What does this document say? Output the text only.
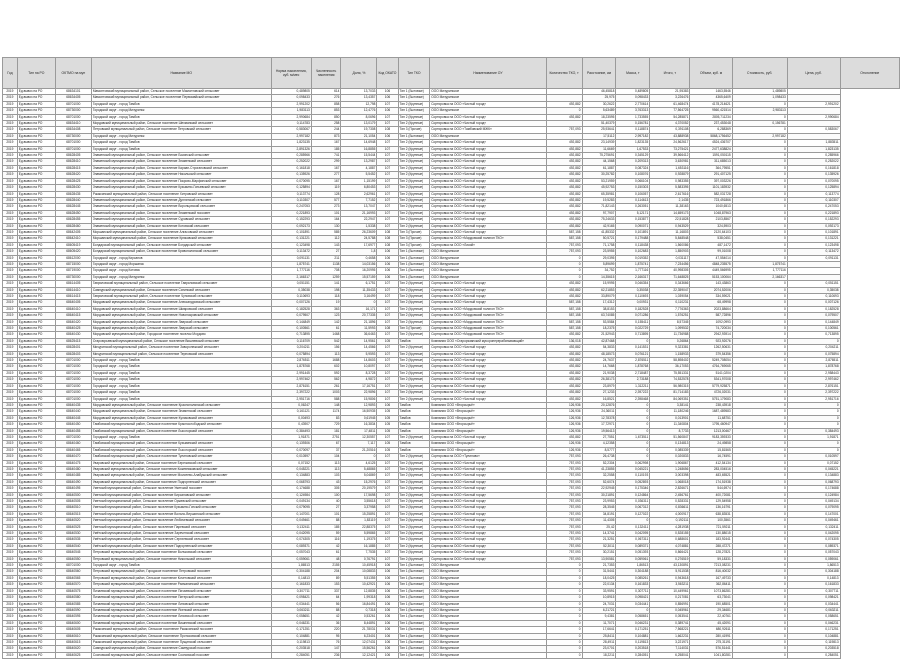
Год	Тип на РО	ОКТМО на мун	Название МО	Норма накопления, куб. м/мес	Численность населения	Доля, %	Код ОКАТО	Тип ТКО	Наименование ОУ	Количество ТКО, т	Расстояние, км	Масса, т	Итого, т	Объем, куб. м	Стоимость, руб.	Цена, руб.	Отклонение
2019	Ед.вывоз на РО	68634101	Мамонтовский муниципальный район, Сельское поселение Мамонтовский сельсовет	0,489805	614	13,7033	106	Тип 1 (Бытовые)	ООО Мичуринское		46,45818	0,489805	21,95383	1463,5546	1,489805		
2019	Ед.вывоз на РО	68634405	Мамонтовский муниципальный район, Сельское поселение Первомайский сельсовет	0,098433	276	13,4357	106	Тип 1 (Бытовые)	ООО Мичуринское		25,975	0,098433	3,226476	4365,6409	1,098433		
2019	Ед.вывоз на РО	68701000	Городской округ - город Тамбов	2,991202	858	12,798	107	Тип 2 (Крупные)	Сортировка на ООО «Чистый город»	492,882	30,2622	2,770614	61,468474	4178,214621	0	2,991202	
2019	Ед.вывоз на РО	68730000	Городской округ - город Мичуринск	1,983113	853	12,4776	106	Тип 1 (Бытовые)	ООО Мичуринское	0	5,63489	3,763313	77,564725	9560,421514	2,983113		
2019	Ед.вывоз на РО	68701000	Городской округ - город Тамбов	2,990684	850	8,0696	107	Тип 2 (Крупные)	Сортировка на ООО «Чистый город»	492,882	18,23595	1,733555	54,285871	2805,711234	0	2,990684	
2019	Ед.вывоз на РО	68634410	Мордовский муниципальный район, Сельское поселение Шехманский сельсовет	0,114783	258	13,0179	107	Тип 2 (Крупные)	Сортировка на ООО «Чистый город»		51,40379	0,156781	4,370052	237,453048	0,156781		
2019	Ед.вывоз на РО	68634408	Петровский муниципальный район, Сельское поселение Петровский сельсовет	0,583067	244	19,7308	108	Тип 3 (Прочие)	Сортировка на ООО «Тамбовский МЖК»	757,093	25,93641	0,118874	0,391108	6,288369	0	0,583067	
2019	Ед.вывоз на РО	68730000	Городской округ - город Мичуринск	2,997182	873	21,1054	106	Тип 1 (Бытовые)	ООО Мичуринское		17,5112	2,997182	43,888938	5868,1756452	2,997182		
2019	Ед.вывоз на РО	68701000	Городской округ - город Тамбов	1,823135	167	14,6948	107	Тип 2 (Крупные)	Сортировка на ООО «Чистый город»	492,882	23,14939	1,823135	24,562617	4524,436707	0	1,883511	
2019	Ед.вывоз на РО	68701000	Городской округ - город Тамбов	2,891326	185	16,8855	107	Тип 2 (Крупные)	Сортировка на ООО «Чистый город»	492,882	11,6669	1,67533	73,275421	2477,638824	0	1,823135	
2019	Ед.вывоз на РО	68628405	Знаменский муниципальный район, Сельское поселение Бокинский сельсовет	0,285966	741	15,5444	107	Тип 2 (Крупные)	Сортировка на ООО «Чистый город»	492,882	75,275691	0,345129	39,566412	1591,050115	0	0,285966	
2019	Ед.вывоз на РО	68628410	Знаменский муниципальный район, Сельское поселение Знаменский сельсовет	0,252022	299	13,2987	107	Тип 2 (Крупные)	Сортировка на ООО «Чистый город»	492,882	44,1568	0,209313	3,630981	311,685013	0	0,252022	
2019	Ед.вывоз на РО	68628415	Знаменский муниципальный район, Сельское поселение Кариан-Строгановский сельсовет	0,161818	167	4,1887	107	Тип 2 (Крупные)	Сортировка на ООО «Чистый город»	492,882	61,1887	0,087324	1,653116	364,79551	0	0,161818	
2019	Ед.вывоз на РО	68628420	Знаменский муниципальный район, Сельское поселение Никольский сельсовет	0,135926	277	5,5452	107	Тип 2 (Крупные)	Сортировка на ООО «Чистый город»	492,882	30,25782	0,108076	0,928879	291,407125	0	0,135926	
2019	Ед.вывоз на РО	68628425	Знаменский муниципальный район, Сельское поселение Покрово-Марфинский сельсовет	0,070095	167	1,15199	107	Тип 2 (Крупные)	Сортировка на ООО «Чистый город»	492,882	53,21959	0,066104	0,983355	397,003226	0	0,070095	
2019	Ед.вывоз на РО	68628430	Знаменский муниципальный район, Сельское поселение Кузьмино-Гатьевский сельсовет	0,125894	119	6,80453	107	Тип 2 (Крупные)	Сортировка на ООО «Чистый город»	492,882	45,92753	0,150303	5,583395	1101,183932	0	0,125894	
2019	Ед.вывоз на РО	68628435	Ржаксинский муниципальный район, Сельское поселение Хитровский сельсовет	0,113774	128	2,62961	107	Тип 2 (Крупные)	Сортировка на ООО «Чистый город»	492,882	65,35981	0,106057	2,617616	582,031728	0	0,113774	
2019	Ед.вывоз на РО	68628440	Знаменский муниципальный район, Сельское поселение Дуплятский сельсовет	0,110307	577	7,7152	107	Тип 2 (Крупные)	Сортировка на ООО «Чистый город»	492,882	19,5283	0,114613	2,1435	723,491866	0	0,110307	
2019	Ед.вывоз на РО	68628445	Знаменский муниципальный район, Сельское поселение Воронцовский сельсовет	0,247053	273	13,7047	107	Тип 2 (Крупные)	Сортировка на ООО «Чистый город»	492,882	71,82143	0,263051	11,38163	1040,6513	0	0,247053	
2019	Ед.вывоз на РО	68628450	Знаменский муниципальный район, Сельское поселение Знаменский поссовет	0,221893	101	21,16993	107	Тип 2 (Крупные)	Сортировка на ООО «Чистый город»	492,882	97,7907	5,12171	14,659173	1048,87963	0	0,221893	
2019	Ед.вывоз на РО	68628455	Знаменский муниципальный район, Сельское поселение Суравский сельсовет	0,152293	164	22,2947	107	Тип 2 (Крупные)	Сортировка на ООО «Чистый город»	492,882	75,24633	0,153877	22,51828	2103,8567	0	0,152293	
2019	Ед.вывоз на РО	68628460	Знаменский муниципальный район, Сельское поселение Котовский сельсовет	0,092173	130	1,5338	107	Тип 2 (Крупные)	Сортировка на ООО «Чистый город»	492,882	42,9165	0,090071	0,943529	324,5903	0	0,092173	
2019	Ед.вывоз на РО	68642405	Моршанский муниципальный район, Сельское поселение Алгасовский сельсовет	0,101891	585	26,23609	108	Тип 3 (Прочие)	Сортировка на ООО «Чистый город»	587,158	41,85332	0,101891	11,16803	2120,64103	0	0,101891	
2019	Ед.вывоз на РО	68642410	Моршанский муниципальный район, Сельское поселение Крюковский сельсовет	0,131221	112	24,5788	108	Тип 3 (Прочие)	Сортировка на ООО «Мордовский полигон ТКО»	587,158	50,5721	0,179488	5,848548	538,0451	0	0,131221	
2019	Ед.вывоз на РО	68605419	Бондарский муниципальный район, Сельское поселение Бондарский сельсовет	0,123498	143	17,6977	108	Тип 3 (Прочие)	Сортировка на ООО «Лисий»	757,093	71,1758	0,118438	1,560086	487,1472	0	0,123498	
2019	Ед.вывоз на РО	68605420	Бондарский муниципальный район, Сельское поселение Кривополянский сельсовет	0,113472	27	1,8	106	Тип 1 (Бытовые)	ООО Мичуринское	757,093	23,5955	0,102683	1,850903	99,01008	0	0,113472	
2019	Ед.вывоз на РО	68612000	Городской округ - город Кирсанов	0,091131	211	0,4658	106	Тип 1 (Бытовые)	ООО Мичуринское	0	29,0395	0,019352	0,031117	47,554014	0	0,091131	
2019	Ед.вывоз на РО	68715000	Городской округ - город Моршанск	1,875741	1138	14,03156	106	Тип 1 (Бытовые)	ООО Мичуринское	0	5,89699	1,875741	7,234456	4848,235575	1,875741		
2019	Ед.вывоз на РО	68719000	Городской округ - город Котовск	1,777116	708	16,20995	106	Тип 1 (Бытовые)	ООО Мичуринское	0	34,752	1,777116	40,998305	4449,566995	1,777116		
2019	Ед.вывоз на РО	68730000	Городской округ - город Мичуринск	2,166317	1259	15,57159	106	Тип 1 (Бытовые)	ООО Мичуринское	0	14,35615	2,166317	71,648825	5153,100064	2,166317		
2019	Ед.вывоз на РО	68614405	Гавриловский муниципальный район, Сельское поселение Гавриловский сельсовет	0,051151	141	6,1751	107	Тип 2 (Крупные)	Сортировка на ООО «Чистый город»	492,882	15,9995	0,046354	0,343666	143,43863	0	0,051151	
2019	Ед.вывоз на РО	68614410	Сампурский муниципальный район, Сельское поселение Сатинский сельсовет	0,35038	198	11,35433	107	Тип 2 (Крупные)	Сортировка на ООО «Чистый город»	492,882	62,21853	0,35038	22,359047	2074,52006	0	0,35038	
2019	Ед.вывоз на РО	68614415	Гавриловский муниципальный район, Сельское поселение Чуповский сельсовет	0,110693	118	3,16499	107	Тип 2 (Крупные)	Сортировка на ООО «Чистый город»	492,882	33,89079	0,110693	1,039054	334,59021	0	0,110693	
2019	Ед.вывоз на РО	68640405	Мордовский муниципальный район, Сельское поселение Александровский сельсовет	0,007126	19	0	107	Тип 2 (Крупные)	Сортировка на ООО «Чистый город»	587,158	17,4312	0,00931	0,110231	68,49998	0	0,007126	
2019	Ед.вывоз на РО	68640410	Мордовский муниципальный район, Сельское поселение Шмаровский сельсовет	0,182528	363	16,171	107	Тип 2 (Крупные)	Сортировка на ООО «Мордовский полигон ТКО»	587,158	38,8153	0,182528	7,776363	2023,88664	0	0,182528	
2019	Ед.вывоз на РО	68640415	Мордовский муниципальный район, Сельское поселение Новопокровский сельсовет	0,079507	123	20,77335	107	Тип 2 (Крупные)	Сортировка на ООО «Мордовский полигон ТКО»	587,158	63,74085	0,071286	1,576251	587,72896	0	0,079507	
2019	Ед.вывоз на РО	68640420	Мордовский муниципальный район, Сельское поселение Лаврский сельсовет	0,144849	142	21,1896	107	Тип 2 (Крупные)	Сортировка на ООО «Мордовский полигон ТКО»	587,158	53,5584	0,155411	8,57345	1092,0993	0	0,144849	
2019	Ед.вывоз на РО	68640425	Мордовский муниципальный район, Сельское поселение Лаврский сельсовет	0,100561	61	11,5993	108	Тип 3 (Прочие)	Сортировка на ООО «Мордовский полигон ТКО»	587,158	18,2375	0,022729	1,099532	74,720034	0	0,100561	
2019	Ед.вывоз на РО	68640430	Мордовский муниципальный район, Городское поселение поселок Мордово	0,713895	1468	36,6463	107	Тип 2 (Крупные)	Сортировка на ООО «Мордовский полигон ТКО»	492,882	21,52943	0,713895	11,736988	2942,93914	0	0,713895	
2019	Ед.вывоз на РО	68625415	Староюрьевский муниципальный район, Сельское поселение Вишневский сельсовет	0,116709	542	14,9561	105	Тамбов	Компания ООО «Старорязанский мусороперерабатывающий»	136,018	42,87468	0	0,26864	923,92076	0	0	
2019	Ед.вывоз на РО	68628401	Мичуринский муниципальный район, Сельское поселение Заворонежский сельсовет	0,204211	156	14,4566	107	Тип 2 (Крупные)	Сортировка на ООО «Чистый город»	492,882	54,3833	0,141531	9,323381	1262,50631	0	0,204211	
2019	Ед.вывоз на РО	68628403	Мичуринский муниципальный район, Сельское поселение Терновский сельсовет	0,075894	113	5,9593	107	Тип 2 (Крупные)	Сортировка на ООО «Чистый город»	492,882	48,18573	0,076121	1,158933	379,54356	0	0,075894	
2019	Ед.вывоз на РО	68701000	Городской округ - город Тамбов	2,876511	1688	14,8603	107	Тип 2 (Крупные)	Сортировка на ООО «Чистый город»	492,882	24,7637	2,876511	58,898402	5249,708054	0	2,876511	
2019	Ед.вывоз на РО	68701000	Городской округ - город Тамбов	1,878768	602	10,8097	107	Тип 2 (Крупные)	Сортировка на ООО «Чистый город»	492,882	14,7668	1,878768	36,17053	4764,769065	0	1,878768	
2019	Ед.вывоз на РО	68701000	Городской округ - город Тамбов	2,991445	592	8,3728	107	Тип 2 (Крупные)	Сортировка на ООО «Чистый город»	492,882	21,9038	2,718487	75,551331	5141,0204	0	2,958443	
2019	Ед.вывоз на РО	68701000	Городской округ - город Тамбов	2,997462	562	4,9872	107	Тип 2 (Крупные)	Сортировка на ООО «Чистый город»	492,882	26,38173	2,73188	74,532578	5341,97008	0	2,997462	
2019	Ед.вывоз на РО	68701000	Городской округ - город Тамбов	2,876151	261	17,16751	107	Тип 2 (Крупные)	Сортировка на ООО «Чистый город»	492,882	23,8979	1,312211	56,980315	5779,925871	0	2,876151	
2019	Ед.вывоз на РО	68701000	Городской округ - город Тамбов	2,397222	1003	22,9896	107	Тип 2 (Крупные)	Сортировка на ООО «Чистый город»	492,882	27,1233	2,397222	81,714183	4726,02031	0	2,397222	
2019	Ед.вывоз на РО	68701000	Городской округ - город Тамбов	2,951716	588	15,9806	107	Тип 2 (Крупные)	Сортировка на ООО «Чистый город»	492,882	16,8521	2,398468	84,069351	5751,179083	0	2,951716	
2019	Ед.вывоз на РО	68640435	Мордовский муниципальный район, Сельское поселение Краснополянский сельсовет	0,06247	148	12,9893	106	Тамбов	Компания ООО «Вторсырьё»	126,936	20,12876	0	3,38141	238,43918	0	0	
2019	Ед.вывоз на РО	68640440	Мордовский муниципальный район, Сельское поселение Знаменский сельсовет	0,161121	1174	16,50935	105	Тамбов	Компания ООО «Вторсырьё»	126,936	24,36011	0	11,180246	1687,489583	0	0	
2019	Ед.вывоз на РО	68640445	Мордовский муниципальный район, Сельское поселение Куликовский сельсовет	0,00493	83	0,61945	105	Тамбов	Компания ООО «Вторсырьё»	126,936	12,78378	0	0,013901	11,68751	0	0	
2019	Ед.вывоз на РО	68640450	Тамбовский муниципальный район, Сельское поселение Краснослободский сельсовет	0,43907	729	16,3834	105	Тамбов	Компания ООО «Вторсырьё»	126,936	17,72971	0	11,340804	1795,460947	0	0	
2019	Ед.вывоз на РО	68640455	Тамбовский муниципальный район, Сельское поселение Лысогорский сельсовет	0,384493	181	17,4811	105	Тамбов	Компания ООО «Вторсырьё»	126,936	19,56413	0	8,7733	1213,00467	0	0,384493	
2019	Ед.вывоз на РО	68701000	Городской округ - город Тамбов	1,91871	2751	12,30557	107	Тип 2 (Крупные)	Сортировка на ООО «Чистый город»	492,882	27,7551	1,673511	51,560847	9183,359333	0	1,91871	
2019	Ед.вывоз на РО	68640460	Тамбовский муниципальный район, Сельское поселение Кузьминский сельсовет	0,139306	67	7,117	105	Тамбов	Компания ООО «Вторсырьё»	126,936	4,12358	0	0,134813	24,49858	0	0	
2019	Ед.вывоз на РО	68640465	Тамбовский муниципальный район, Сельское поселение Лысогорский сельсовет	0,070097	37	21,20516	105	Тамбов	Компания ООО «Вторсырьё»	126,936	8,5777	0	0,085339	15,81565	0	0	
2019	Ед.вывоз на РО	68640470	Тамбовский муниципальный район, Сельское поселение Тулиновский сельсовет	0,010597	104	0	107	Тип 2 (Крупные)	Сортировка на ООО «Тулиново»	757,093	26,4738	0	0,020833	16,74591	0	0,010597	
2019	Ед.вывоз на РО	68640475	Уваровский муниципальный район, Сельское поселение Березовский сельсовет	0,07152	113	4,6125	107	Тип 2 (Крупные)	Сортировка на ООО «Чистый город»	757,093	52,2304	0,062998	1,906867	412,54134	0	0,07152	
2019	Ед.вывоз на РО	68640480	Уваровский муниципальный район, Сельское поселение Кожевниковский сельсовет	0,045221	113	5,48865	107	Тип 2 (Крупные)	Сортировка на ООО «Чистый город»	757,093	41,23855	0,045221	1,248656	283,004516	0	0,045221	
2019	Ед.вывоз на РО	68640485	Уваровский муниципальный район, Сельское поселение Моисеево-Алабушский сельсовет	0,134883	103	5,04869	107	Тип 2 (Крупные)	Сортировка на ООО «Чистый город»	757,093	32,2558	0,110193	3,003398	483,65521	0	0,134883	
2019	Ед.вывоз на РО	68640490	Уваровский муниципальный район, Сельское поселение Подгорненский сельсовет	0,068793	43	15,2976	107	Тип 2 (Крупные)	Сортировка на ООО «Чистый город»	757,093	52,6074	0,052893	1,068018	174,51938	0	0,068793	
2019	Ед.вывоз на РО	68640495	Уметский муниципальный район, Сельское поселение Уметский поссовет	0,174688	305	20,19579	107	Тип 2 (Крупные)	Сортировка на ООО «Чистый город»	757,093	22,92945	0,175346	2,826671	544,6974	0	0,174688	
2019	Ед.вывоз на РО	68640500	Уметский муниципальный район, Сельское поселение Кирсановский сельсовет	0,124984	100	17,5698	107	Тип 2 (Крупные)	Сортировка на ООО «Чистый город»	757,093	30,21891	0,124864	2,456761	400,72081	0	0,124984	
2019	Ед.вывоз на РО	68640505	Уметский муниципальный район, Сельское поселение Оржевский сельсовет	0,049134	40	3,55618	107	Тип 2 (Крупные)	Сортировка на ООО «Чистый город»	757,093	23,9953	0,036311	0,528331	129,54958	0	0,049134	
2019	Ед.вывоз на РО	68640510	Уметский муниципальный район, Сельское поселение Кузьмино-Гатский сельсовет	0,079095	27	3,37958	107	Тип 2 (Крупные)	Сортировка на ООО «Чистый город»	757,093	28,3545	0,067312	0,836611	136,16791	0	0,079095	
2019	Ед.вывоз на РО	68640515	Уметский муниципальный район, Сельское поселение Вольно-Вершинский сельсовет	0,147001	101	15,25891	107	Тип 2 (Крупные)	Сортировка на ООО «Чистый город»	757,093	34,8191	0,127022	4,000917	638,83531	0	0,147001	
2019	Ед.вывоз на РО	68640520	Уметский муниципальный район, Сельское поселение Любичевский сельсовет	0,049461	88	1,83119	107	Тип 2 (Крупные)	Сортировка на ООО «Чистый город»	757,093	11,4305	0	0,192111	100,3561	0	0,049461	
2019	Ед.вывоз на РО	68640525	Уметский муниципальный район, Сельское поселение Паревский сельсовет	0,132411	185	22,88375	107	Тип 2 (Крупные)	Сортировка на ООО «Чистый город»	757,093	25,42	0,132411	4,281938	721,59211	0	0,132411	
2019	Ед.вывоз на РО	68640530	Умётский муниципальный район, Сельское поселение Зареченский сельсовет	0,042095	59	5,59865	107	Тип 2 (Крупные)	Сортировка на ООО «Чистый город»	757,093	14,3741	0,042095	0,528155	130,88015	0	0,042095	
2019	Ед.вывоз на РО	68640535	Умётский муниципальный район, Сельское поселение Сергиевский сельсовет	0,074305	116	1,19375	107	Тип 2 (Крупные)	Сортировка на ООО «Чистый город»	757,093	21,3251	0,067311	0,688601	183,92441	0	0,074305	
2019	Ед.вывоз на РО	68640540	Умётский муниципальный район, Сельское поселение Подгорненский сельсовет	0,089371	42	16,1885	107	Тип 2 (Крупные)	Сортировка на ООО «Чистый город»	757,093	52,3011	0,089371	4,074881	288,47271	0	0,089371	
2019	Ед.вывоз на РО	68640545	Петровский муниципальный район, Сельское поселение Волчковский сельсовет	0,057043	61	7,7535	107	Тип 2 (Крупные)	Сортировка на ООО «Чистый город»	757,093	30,2151	0,051393	0,866421	128,27821	0	0,057043	
2019	Ед.вывоз на РО	68640550	Петровский муниципальный район, Сельское поселение Никольский сельсовет	0,059061	48	0,76791	107	Тип 2 (Крупные)	Сортировка на ООО «Чистый город»	757,093	13,90581	0,059061	0,276519	59,18331	0	0,059061	
2019	Ед.вывоз на РО	68701000	Городской округ - город Тамбов	1,86513	2155	10,45918	106	Тип 1 (Бытовые)	ООО Мичуринское	0	21,7353	1,86513	43,130891	7213,08231	0	1,86513	
2019	Ед.вывоз на РО	68640560	Петровский муниципальный район, Городское поселение Петровский поссовет	0,304188	204	10,08833	106	Тип 1 (Бытовые)	ООО Мичуринское	0	31,5441	0,304188	5,911538	816,40032	0	0,304188	
2019	Ед.вывоз на РО	68640565	Петровский муниципальный район, Сельское поселение Кочетовский сельсовет	0,14813	89	5,51355	106	Тип 1 (Бытовые)	ООО Мичуринское	0	18,0425	0,085261	0,943618	167,49733	0	0,14813	
2019	Ед.вывоз на РО	68640570	Петровский муниципальный район, Сельское поселение Рахманинский сельсовет	0,161833	153	10,42921	106	Тип 1 (Бытовые)	ООО Мичуринское	0	22,0134	0,161833	3,563211	362,86411	0	0,161833	
2019	Ед.вывоз на РО	68640575	Пичаевский муниципальный район, Сельское поселение Пичаевский сельсовет	0,307711	337	12,8835	106	Тип 1 (Бытовые)	ООО Мичуринское	0	33,9591	0,307711	10,449961	1073,86281	0	0,307711	
2019	Ед.вывоз на РО	68640580	Пичаевский муниципальный район, Сельское поселение Питерский сельсовет	0,098421	64	1,99318	106	Тип 1 (Бытовые)	ООО Мичуринское	0	10,8915	0,098421	0,217081	63,73041	0	0,098421	
2019	Ед.вывоз на РО	68640585	Пичаевский муниципальный район, Сельское поселение Липовский сельсовет	0,034441	56	16,84491	106	Тип 1 (Бытовые)	ООО Мичуринское	0	24,7031	0,034441	0,856991	190,68501	0	0,034441	
2019	Ед.вывоз на РО	68640590	Пичаевский муниципальный район, Сельское поселение Ясенский сельсовет	0,063211	88	0,7318	106	Тип 1 (Бытовые)	ООО Мичуринское	0	6,21721	0	0,045961	29,34681	0	0,063211	
2019	Ед.вывоз на РО	68640595	Пичаевский муниципальный район, Сельское поселение Лиховской сельсовет	0,058651	42	0,53261	106	Тип 1 (Бытовые)	ООО Мичуринское	0	9,4381	0,058651	0,053541	22,40761	0	0,058651	
2019	Ед.вывоз на РО	68640600	Пичаевский муниципальный район, Сельское поселение Вишневский сельсовет	0,046231	36	8,44891	106	Тип 1 (Бытовые)	ООО Мичуринское	0	11,7071	0,046231	0,389741	45,42091	0	0,046231	
2019	Ед.вывоз на РО	68640605	Ржаксинский муниципальный район, Сельское поселение Ржаксинский поссовет	0,171251	220	21,78031	106	Тип 1 (Бытовые)	ООО Мичуринское	0	17,6641	0,171251	7,568221	680,92611	0	0,171251	
2019	Ед.вывоз на РО	68640610	Ржаксинский муниципальный район, Сельское поселение Протасовский сельсовет	0,104881	95	6,23401	106	Тип 1 (Бытовые)	ООО Мичуринское	0	25,8411	0,104881	1,662231	280,41991	0	0,104881	
2019	Ед.вывоз на РО	68640615	Ржаксинский муниципальный район, Сельское поселение Пущинский сельсовет	0,119813	76	12,07431	106	Тип 1 (Бытовые)	ООО Мичуринское	0	28,4911	0,119813	3,221971	275,31191	0	0,119813	
2019	Ед.вывоз на РО	68640620	Сампурский муниципальный район, Сельское поселение Сампурский поссовет	0,203518	147	15,56261	106	Тип 1 (Бытовые)	ООО Мичуринское	0	23,0701	0,203518	7,114031	576,51441	0	0,203518	
2019	Ед.вывоз на РО	68640625	Сосновский муниципальный район, Сельское поселение Сосновский поссовет	0,284051	236	12,12421	106	Тип 1 (Бытовые)	ООО Мичуринское	0	18,2211	0,284051	6,258041	1041,80281	0	0,284051	
